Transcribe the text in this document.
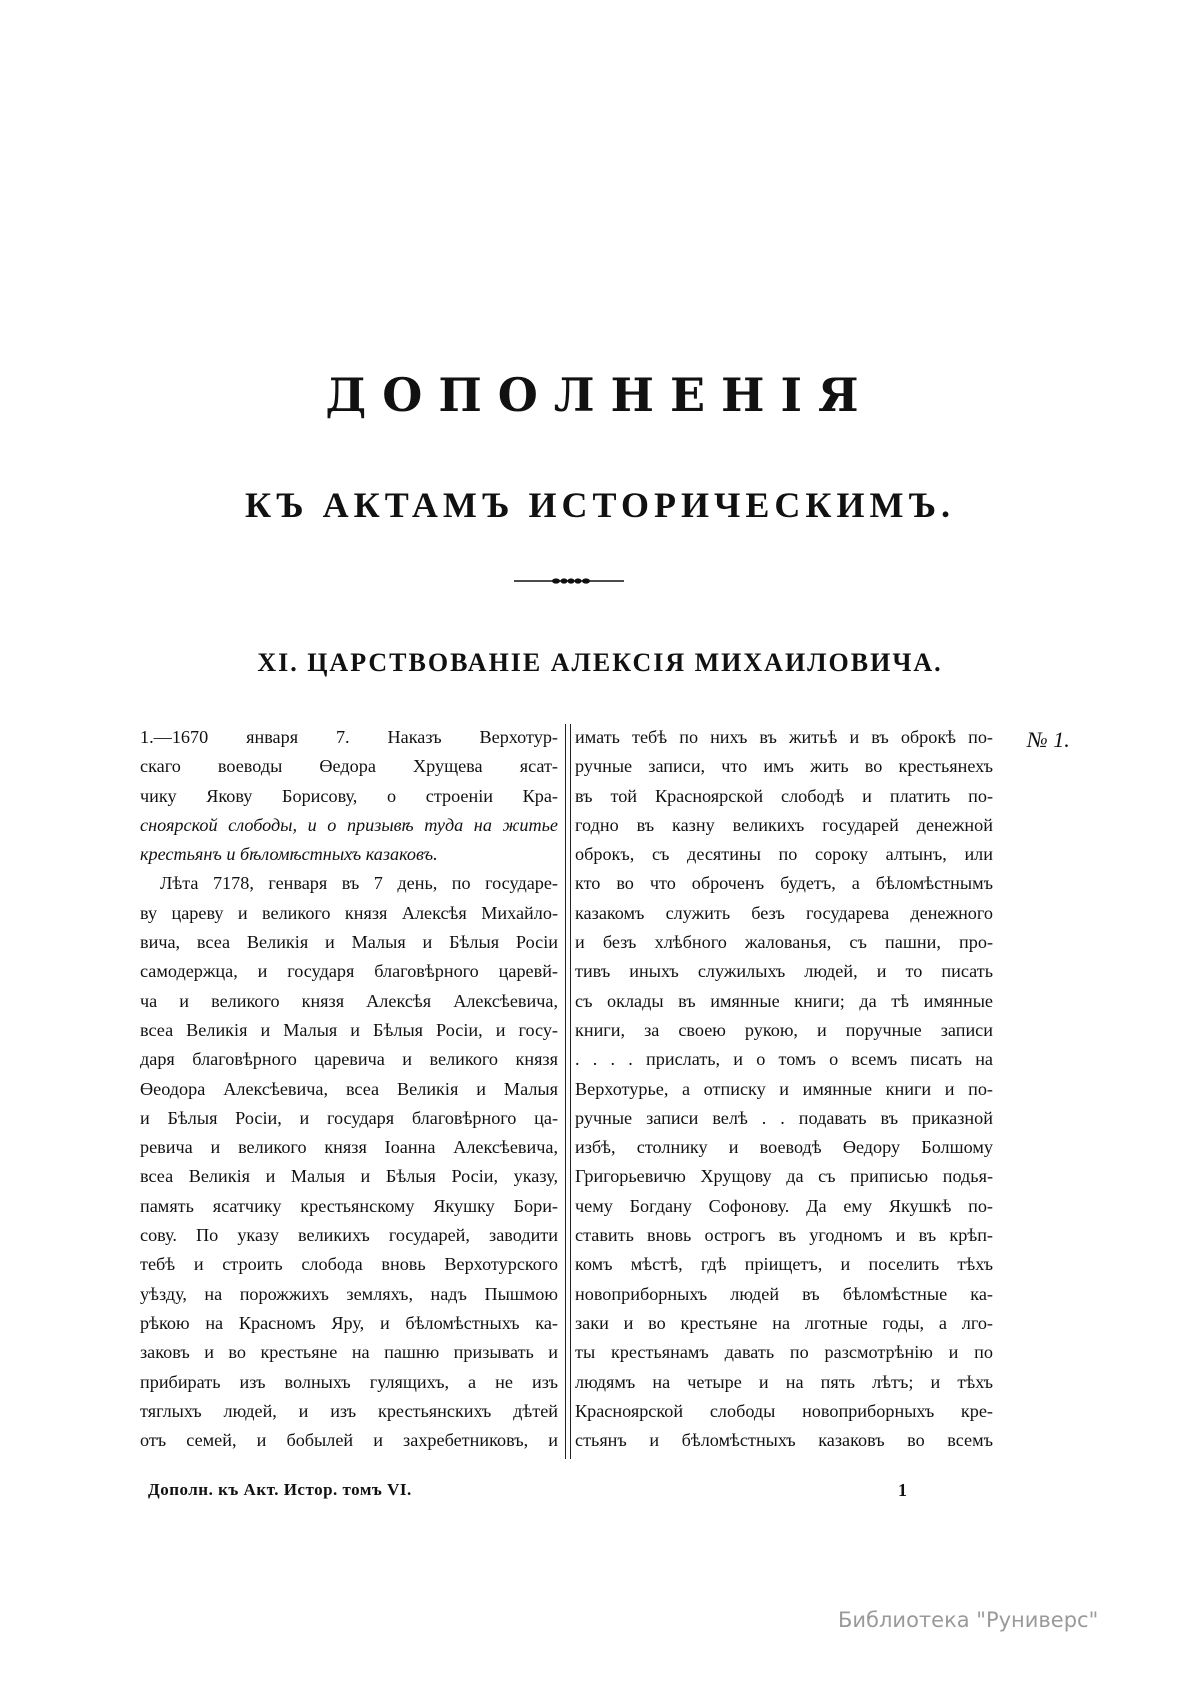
ДОПОЛНЕНІЯ
КЪ АКТАМЪ ИСТОРИЧЕСКИМЪ.
XI. ЦАРСТВОВАНІЕ АЛЕКСІЯ МИХАИЛОВИЧА.
1.—1670 января 7. Наказъ Верхотур-
скаго воеводы Өедора Хрущева ясат-
чику Якову Борисову, о строеніи Кра-
сноярской слободы, и о призывѣ туда на житье
крестьянъ и бѣломѣстныхъ казаковъ.
Лѣта 7178, генваря въ 7 день, по государе-
ву цареву и великого князя Алексѣя Михайло-
вича, всеа Великія и Малыя и Бѣлыя Росіи
самодержца, и государя благовѣрного царевй-
ча и великого князя Алексѣя Алексѣевича,
всеа Великія и Малыя и Бѣлыя Росіи, и госу-
даря благовѣрного царевича и великого князя
Өеодора Алексѣевича, всеа Великія и Малыя
и Бѣлыя Росіи, и государя благовѣрного ца-
ревича и великого князя Іоанна Алексѣевича,
всеа Великія и Малыя и Бѣлыя Росіи, указу,
память ясатчику крестьянскому Якушку Бори-
сову. По указу великихъ государей, заводити
тебѣ и строить слобода вновь Верхотурского
уѣзду, на порожжихъ земляхъ, надъ Пышмою
рѣкою на Красномъ Яру, и бѣломѣстныхъ ка-
заковъ и во крестьяне на пашню призывать и
прибирать изъ волныхъ гулящихъ, а не изъ
тяглыхъ людей, и изъ крестьянскихъ дѣтей
отъ семей, и бобылей и захребетниковъ, и
имать тебѣ по нихъ въ житьѣ и въ оброкѣ по-
ручные записи, что имъ жить во крестьянехъ
въ той Красноярской слободѣ и платить по-
годно въ казну великихъ государей денежной
оброкъ, съ десятины по сороку алтынъ, или
кто во что оброченъ будетъ, а бѣломѣстнымъ
казакомъ служить безъ государева денежного
и безъ хлѣбного жалованья, съ пашни, про-
тивъ иныхъ служилыхъ людей, и то писать
съ оклады въ имянные книги; да тѣ имянные
книги, за своею рукою, и поручные записи
. . . . прислать, и о томъ о всемъ писать на
Верхотурье, а отписку и имянные книги и по-
ручные записи велѣ . . подавать въ приказной
избѣ, столнику и воеводѣ Өедору Болшому
Григорьевичю Хрущову да съ приписью подья-
чему Богдану Софонову. Да ему Якушкѣ по-
ставить вновь острогъ въ угодномъ и въ крѣп-
комъ мѣстѣ, гдѣ пріищетъ, и поселить тѣхъ
новоприборныхъ людей въ бѣломѣстные ка-
заки и во крестьяне на лготные годы, а лго-
ты крестьянамъ давать по разсмотрѣнію и по
людямъ на четыре и на пять лѣтъ; и тѣхъ
Красноярской слободы новоприборныхъ кре-
стьянъ и бѣломѣстныхъ казаковъ во всемъ
№ 1.
Дополн. къ Акт. Истор. томъ VI.	1
Библиотека "Руниверс"
